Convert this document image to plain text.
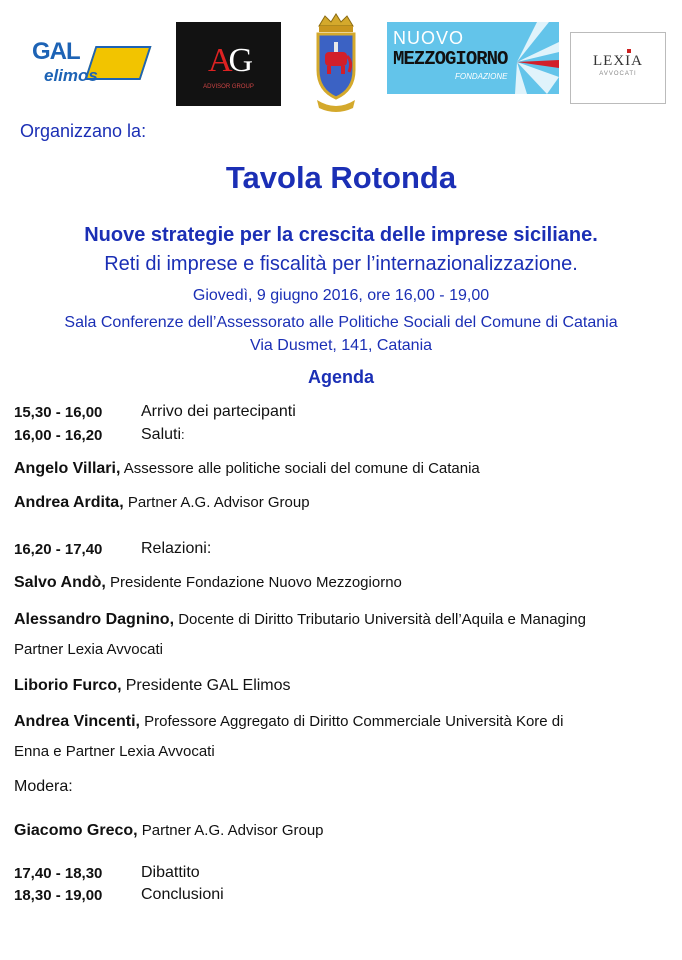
GAL
elimos	AG
ADVISOR GROUP
NUOVO
MEZZOGIORNO
FONDAZIONE
LEXIA
AVVOCATI
Organizzano la:
Tavola Rotonda
Nuove strategie per la crescita delle imprese siciliane.
Reti di imprese e fiscalità per l’internazionalizzazione.
Giovedì, 9 giugno 2016, ore 16,00 - 19,00
Sala Conferenze dell’Assessorato alle Politiche Sociali del Comune di Catania
Via Dusmet, 141, Catania
Agenda
15,30 - 16,00 Arrivo dei partecipanti
16,00 - 16,20 Saluti:
Angelo Villari, Assessore alle politiche sociali del comune di Catania
Andrea Ardita, Partner A.G. Advisor Group
16,20 - 17,40 Relazioni:
Salvo Andò, Presidente Fondazione Nuovo Mezzogiorno
Alessandro Dagnino, Docente di Diritto Tributario Università dell’Aquila e Managing
Partner Lexia Avvocati
Liborio Furco, Presidente GAL Elimos
Andrea Vincenti, Professore Aggregato di Diritto Commerciale Università Kore di
Enna e Partner Lexia Avvocati
Modera:
Giacomo Greco, Partner A.G. Advisor Group
17,40 - 18,30 Dibattito
18,30 - 19,00 Conclusioni
